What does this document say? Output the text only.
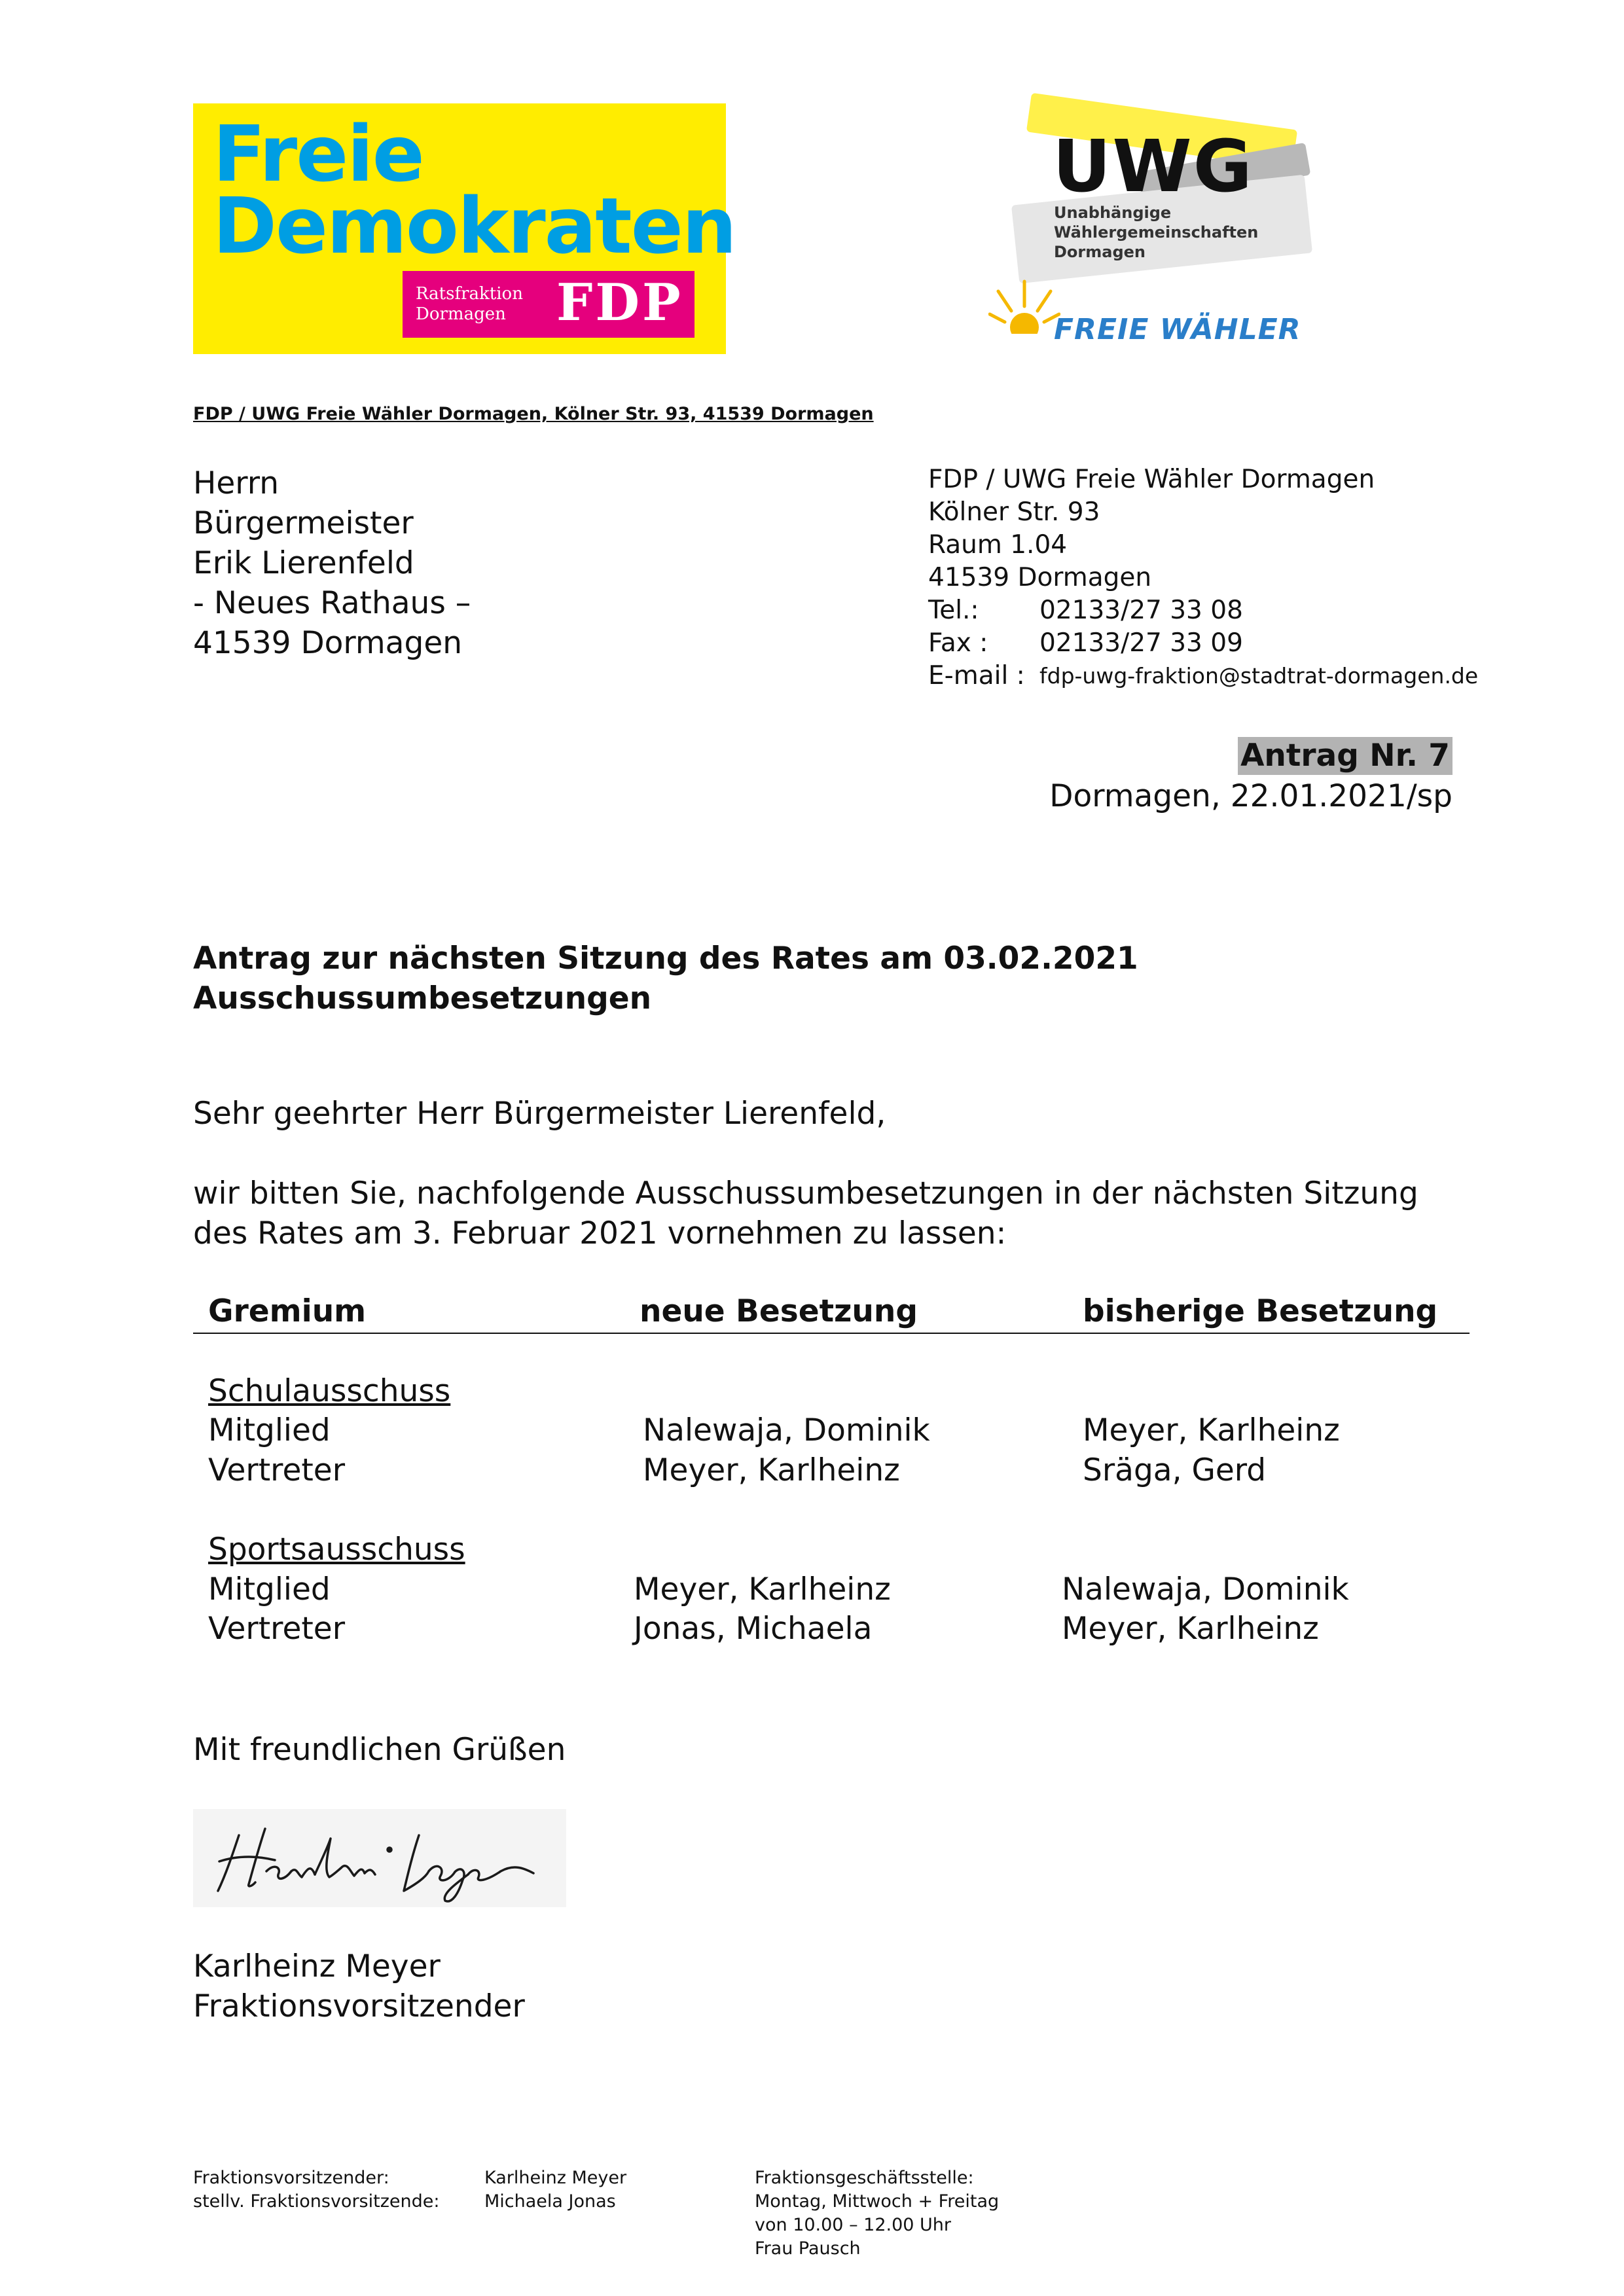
Freie
Demokraten
Ratsfraktion
Dormagen FDP
UWG
Unabhängige
Wählergemeinschaften
Dormagen
FREIE WÄHLER
FDP / UWG Freie Wähler Dormagen, Kölner Str. 93, 41539 Dormagen
Herrn
Bürgermeister
Erik Lierenfeld
- Neues Rathaus –
41539 Dormagen
FDP / UWG Freie Wähler Dormagen
Kölner Str. 93
Raum 1.04
41539 Dormagen
Tel.:	02133/27 33 08
Fax :	02133/27 33 09
E-mail : fdp-uwg-fraktion@stadtrat-dormagen.de
Antrag Nr. 7
Dormagen, 22.01.2021/sp
Antrag zur nächsten Sitzung des Rates am 03.02.2021
Ausschussumbesetzungen
Sehr geehrter Herr Bürgermeister Lierenfeld,
wir bitten Sie, nachfolgende Ausschussumbesetzungen in der nächsten Sitzung
des Rates am 3. Februar 2021 vornehmen zu lassen:
Gremium	neue Besetzung	bisherige Besetzung
Schulausschuss
Mitglied	Nalewaja, Dominik	Meyer, Karlheinz
Vertreter	Meyer, Karlheinz	Sräga, Gerd
Sportsausschuss
Mitglied	Meyer, Karlheinz	Nalewaja, Dominik
Vertreter	Jonas, Michaela	Meyer, Karlheinz
Mit freundlichen Grüßen
Karlheinz Meyer
Fraktionsvorsitzender
Fraktionsvorsitzender:
stellv. Fraktionsvorsitzende:
Karlheinz Meyer
Michaela Jonas
Fraktionsgeschäftsstelle:
Montag, Mittwoch + Freitag
von 10.00 – 12.00 Uhr
Frau Pausch
